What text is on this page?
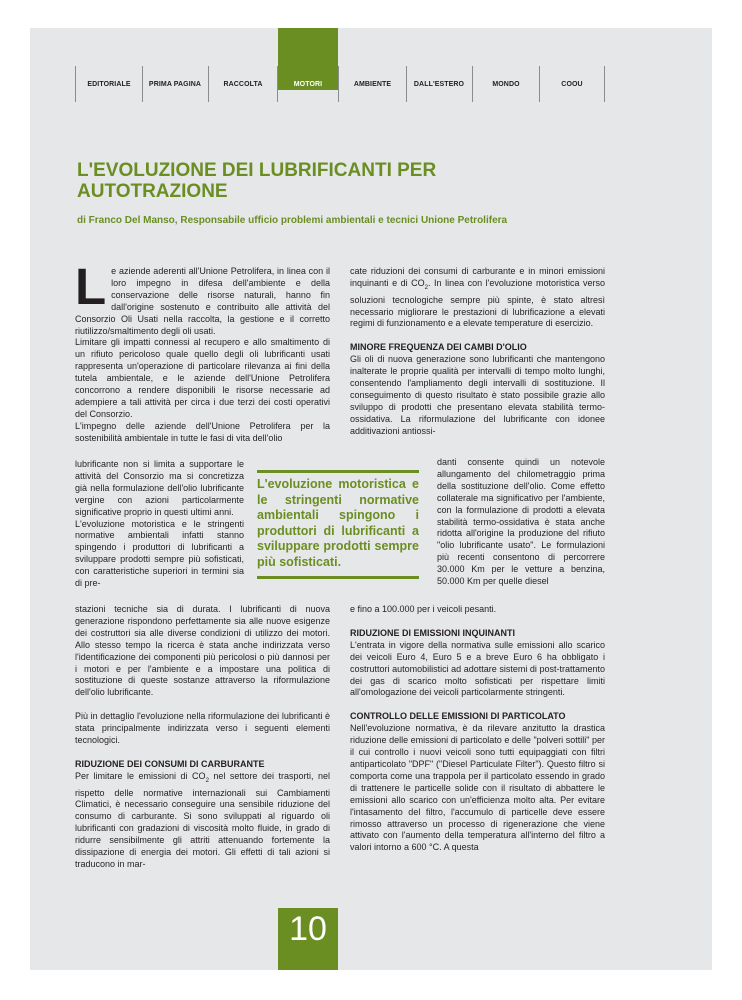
EDITORIALE	PRIMA PAGINA	RACCOLTA	MOTORI	AMBIENTE	DALL'ESTERO	MONDO	COOU
L'EVOLUZIONE DEI LUBRIFICANTI PER AUTOTRAZIONE
di Franco Del Manso, Responsabile ufficio problemi ambientali e tecnici Unione Petrolifera
L e aziende aderenti all'Unione Petrolifera, in linea con il loro impegno in difesa dell'ambiente e della conservazione delle risorse naturali, hanno fin dall'origine sostenuto e contribuito alle attività del Consorzio Oli Usati nella raccolta, la gestione e il corretto riutilizzo/smaltimento degli oli usati.

Limitare gli impatti connessi al recupero e allo smaltimento di un rifiuto pericoloso quale quello degli oli lubrificanti usati rappresenta un'operazione di particolare rilevanza ai fini della tutela ambientale, e le aziende dell'Unione Petrolifera concorrono a rendere disponibili le risorse necessarie ad adempiere a tali attività per circa i due terzi dei costi operativi del Consorzio.

L'impegno delle aziende dell'Unione Petrolifera per la sostenibilità ambientale in tutte le fasi di vita dell'olio

lubrificante non si limita a supportare le attività del Consorzio ma si concretizza già nella formulazione dell'olio lubrificante vergine con azioni particolarmente significative proprio in questi ultimi anni.

L'evoluzione motoristica e le stringenti normative ambientali infatti stanno spingendo i produttori di lubrificanti a sviluppare prodotti sempre più sofisticati, con caratteristiche superiori in termini sia di pre-

stazioni tecniche sia di durata. I lubrificanti di nuova generazione rispondono perfettamente sia alle nuove esigenze dei costruttori sia alle diverse condizioni di utilizzo dei motori. Allo stesso tempo la ricerca è stata anche indirizzata verso l'identificazione dei componenti più pericolosi o più dannosi per i motori e per l'ambiente e a impostare una politica di sostituzione di queste sostanze attraverso la riformulazione dell'olio lubrificante.

Più in dettaglio l'evoluzione nella riformulazione dei lubrificanti è stata principalmente indirizzata verso i seguenti elementi tecnologici.

RIDUZIONE DEI CONSUMI DI CARBURANTE

Per limitare le emissioni di $CO_2$ nel settore dei trasporti, nel rispetto delle normative internazionali sui Cambiamenti Climatici, è necessario conseguire una sensibile riduzione del consumo di carburante. Si sono sviluppati al riguardo oli lubrificanti con gradazioni di viscosità molto fluide, in grado di ridurre sensibilmente gli attriti attenuando fortemente la dissipazione di energia dei motori. Gli effetti di tali azioni si traducono in mar-

cate riduzioni dei consumi di carburante e in minori emissioni inquinanti e di $CO_2$. In linea con l'evoluzione motoristica verso soluzioni tecnologiche sempre più spinte, è stato altresì necessario migliorare le prestazioni di lubrificazione a elevati regimi di funzionamento e a elevate temperature di esercizio.

MINORE FREQUENZA DEI CAMBI D'OLIO

Gli oli di nuova generazione sono lubrificanti che mantengono inalterate le proprie qualità per intervalli di tempo molto lunghi, consentendo l'ampliamento degli intervalli di sostituzione. Il conseguimento di questo risultato è stato possibile grazie allo sviluppo di prodotti che presentano elevata stabilità termo-ossidativa. La riformulazione del lubrificante con idonee additivazioni antiossi-

danti consente quindi un notevole allungamento del chilometraggio prima della sostituzione dell'olio. Come effetto collaterale ma significativo per l'ambiente, con la formulazione di prodotti a elevata stabilità termo-ossidativa è stata anche ridotta all'origine la produzione del rifiuto "olio lubrificante usato". Le formulazioni più recenti consentono di percorrere 30.000 Km per le vetture a benzina, 50.000 Km per quelle diesel

e fino a 100.000 per i veicoli pesanti.

RIDUZIONE DI EMISSIONI INQUINANTI

L'entrata in vigore della normativa sulle emissioni allo scarico dei veicoli Euro 4, Euro 5 e a breve Euro 6 ha obbligato i costruttori automobilistici ad adottare sistemi di post-trattamento dei gas di scarico molto sofisticati per rispettare limiti all'omologazione dei veicoli particolarmente stringenti.

CONTROLLO DELLE EMISSIONI DI PARTICOLATO

Nell'evoluzione normativa, è da rilevare anzitutto la drastica riduzione delle emissioni di particolato e delle "polveri sottili" per il cui controllo i nuovi veicoli sono tutti equipaggiati con filtri antiparticolato "DPF" ("Diesel Particulate Filter"). Questo filtro si comporta come una trappola per il particolato essendo in grado di trattenere le particelle solide con il risultato di abbattere le emissioni allo scarico con un'efficienza molto alta. Per evitare l'intasamento del filtro, l'accumulo di particelle deve essere rimosso attraverso un processo di rigenerazione che viene attivato con l'aumento della temperatura all'interno del filtro a valori intorno a 600 °C. A questa

L'evoluzione motoristica e le stringenti normative ambientali spingono i produttori di lubrificanti a sviluppare prodotti sempre più sofisticati.
10
